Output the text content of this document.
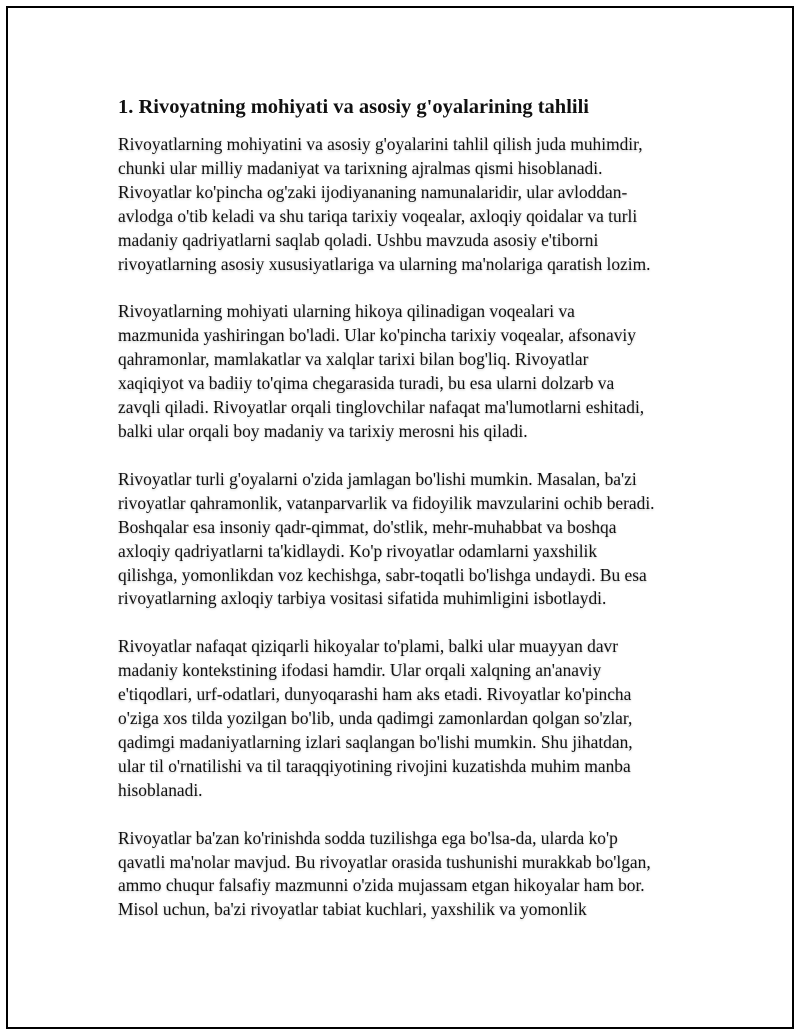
1. Rivoyatning mohiyati va asosiy g'oyalarining tahlili

Rivoyatlarning mohiyatini va asosiy g'oyalarini tahlil qilish juda muhimdir,
chunki ular milliy madaniyat va tarixning ajralmas qismi hisoblanadi.
Rivoyatlar ko'pincha og'zaki ijodiyananing namunalaridir, ular avloddan-
avlodga o'tib keladi va shu tariqa tarixiy voqealar, axloqiy qoidalar va turli
madaniy qadriyatlarni saqlab qoladi. Ushbu mavzuda asosiy e'tiborni
rivoyatlarning asosiy xususiyatlariga va ularning ma'nolariga qaratish lozim.

Rivoyatlarning mohiyati ularning hikoya qilinadigan voqealari va
mazmunida yashiringan bo'ladi. Ular ko'pincha tarixiy voqealar, afsonaviy
qahramonlar, mamlakatlar va xalqlar tarixi bilan bog'liq. Rivoyatlar
xaqiqiyot va badiiy to'qima chegarasida turadi, bu esa ularni dolzarb va
zavqli qiladi. Rivoyatlar orqali tinglovchilar nafaqat ma'lumotlarni eshitadi,
balki ular orqali boy madaniy va tarixiy merosni his qiladi.

Rivoyatlar turli g'oyalarni o'zida jamlagan bo'lishi mumkin. Masalan, ba'zi
rivoyatlar qahramonlik, vatanparvarlik va fidoyilik mavzularini ochib beradi.
Boshqalar esa insoniy qadr-qimmat, do'stlik, mehr-muhabbat va boshqa
axloqiy qadriyatlarni ta'kidlaydi. Ko'p rivoyatlar odamlarni yaxshilik
qilishga, yomonlikdan voz kechishga, sabr-toqatli bo'lishga undaydi. Bu esa
rivoyatlarning axloqiy tarbiya vositasi sifatida muhimligini isbotlaydi.

Rivoyatlar nafaqat qiziqarli hikoyalar to'plami, balki ular muayyan davr
madaniy kontekstining ifodasi hamdir. Ular orqali xalqning an'anaviy
e'tiqodlari, urf-odatlari, dunyoqarashi ham aks etadi. Rivoyatlar ko'pincha
o'ziga xos tilda yozilgan bo'lib, unda qadimgi zamonlardan qolgan so'zlar,
qadimgi madaniyatlarning izlari saqlangan bo'lishi mumkin. Shu jihatdan,
ular til o'rnatilishi va til taraqqiyotining rivojini kuzatishda muhim manba
hisoblanadi.

Rivoyatlar ba'zan ko'rinishda sodda tuzilishga ega bo'lsa-da, ularda ko'p
qavatli ma'nolar mavjud. Bu rivoyatlar orasida tushunishi murakkab bo'lgan,
ammo chuqur falsafiy mazmunni o'zida mujassam etgan hikoyalar ham bor.
Misol uchun, ba'zi rivoyatlar tabiat kuchlari, yaxshilik va yomonlik
